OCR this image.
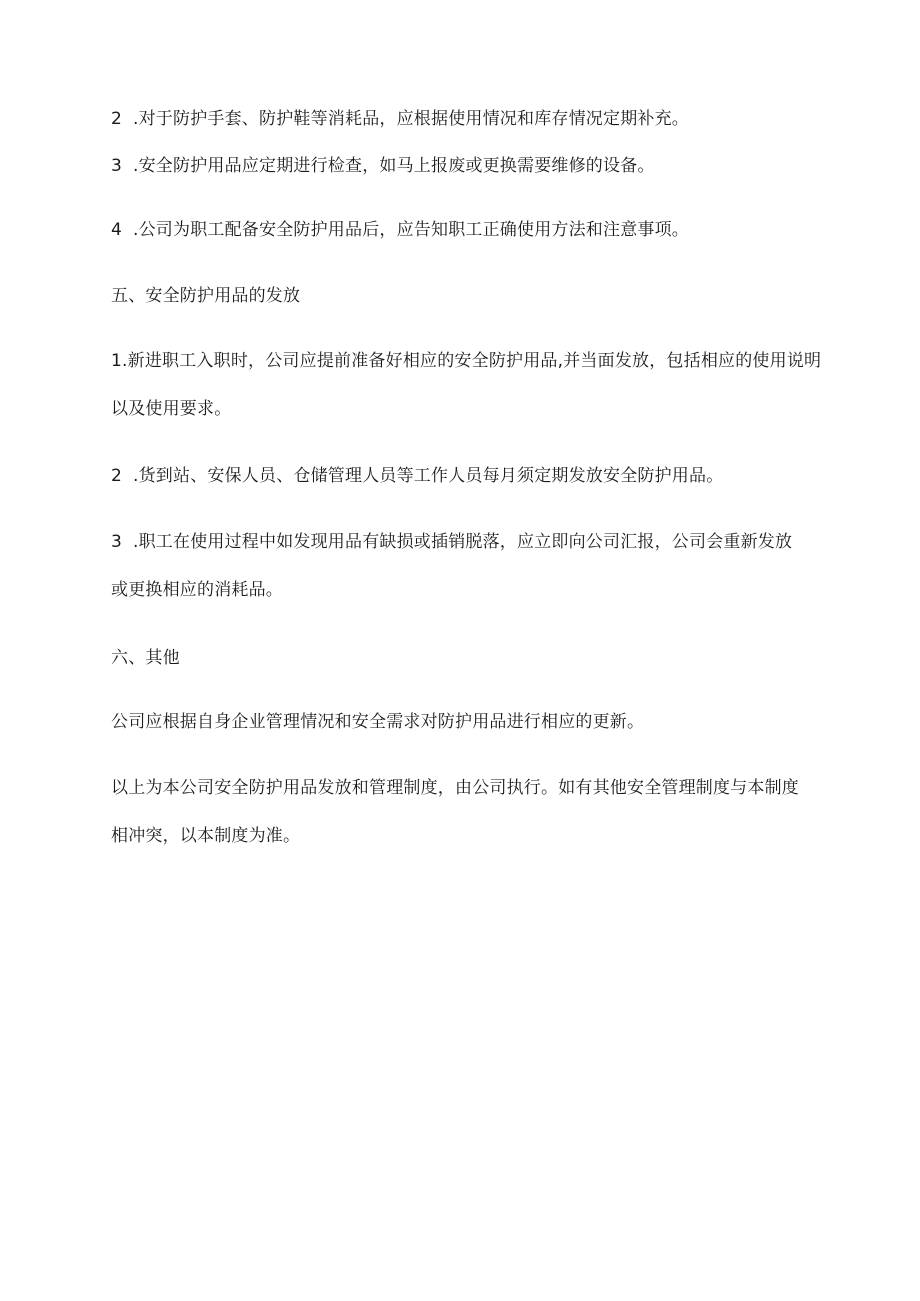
2 .对于防护手套、防护鞋等消耗品，应根据使用情况和库存情况定期补充。
3 .安全防护用品应定期进行检查，如马上报废或更换需要维修的设备。
4 .公司为职工配备安全防护用品后，应告知职工正确使用方法和注意事项。
五、安全防护用品的发放
1.新进职工入职时，公司应提前准备好相应的安全防护用品,并当面发放，包括相应的使用说明
以及使用要求。
2 .货到站、安保人员、仓储管理人员等工作人员每月须定期发放安全防护用品。
3 .职工在使用过程中如发现用品有缺损或插销脱落，应立即向公司汇报，公司会重新发放
或更换相应的消耗品。
六、其他
公司应根据自身企业管理情况和安全需求对防护用品进行相应的更新。
以上为本公司安全防护用品发放和管理制度，由公司执行。如有其他安全管理制度与本制度
相冲突，以本制度为准。
